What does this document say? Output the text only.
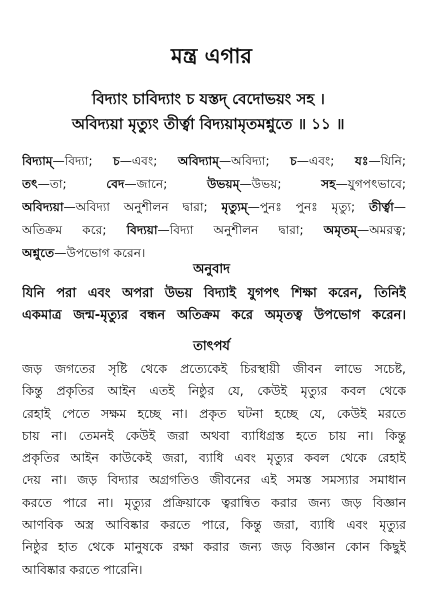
মন্ত্র এগার
বিদ্যাং চাবিদ্যাং চ যস্তদ্ বেদোভয়ং সহ ।
অবিদ্যয়া মৃত্যুং তীর্ত্বা বিদ্যয়ামৃতমশ্নুতে ॥ ১১ ॥
বিদ্যাম্—বিদ্যা; চ—এবং; অবিদ্যাম্—অবিদ্যা; চ—এবং; যঃ—যিনি;
তৎ—তা; বেদ—জানে; উভয়ম্—উভয়; সহ—যুগপৎভাবে;
অবিদ্যয়া—অবিদ্যা অনুশীলন দ্বারা; মৃত্যুম্—পুনঃ পুনঃ মৃত্যু; তীর্ত্বা—
অতিক্রম করে; বিদ্যয়া—বিদ্যা অনুশীলন দ্বারা; অমৃতম্—অমরত্ব;
অশ্নুতে—উপভোগ করেন।
অনুবাদ
যিনি পরা এবং অপরা উভয় বিদ্যাই যুগপৎ শিক্ষা করেন, তিনিই
একমাত্র জন্ম-মৃত্যুর বন্ধন অতিক্রম করে অমৃতত্ব উপভোগ করেন।
তাৎপর্য
জড় জগতের সৃষ্টি থেকে প্রত্যেকেই চিরস্থায়ী জীবন লাভে সচেষ্ট,
কিন্তু প্রকৃতির আইন এতই নিষ্ঠুর যে, কেউই মৃত্যুর কবল থেকে
রেহাই পেতে সক্ষম হচ্ছে না। প্রকৃত ঘটনা হচ্ছে যে, কেউই মরতে
চায় না। তেমনই কেউই জরা অথবা ব্যাধিগ্রস্ত হতে চায় না। কিন্তু
প্রকৃতির আইন কাউকেই জরা, ব্যাধি এবং মৃত্যুর কবল থেকে রেহাই
দেয় না। জড় বিদ্যার অগ্রগতিও জীবনের এই সমস্ত সমস্যার সমাধান
করতে পারে না। মৃত্যুর প্রক্রিয়াকে ত্বরান্বিত করার জন্য জড় বিজ্ঞান
আণবিক অস্ত্র আবিষ্কার করতে পারে, কিন্তু জরা, ব্যাধি এবং মৃত্যুর
নিষ্ঠুর হাত থেকে মানুষকে রক্ষা করার জন্য জড় বিজ্ঞান কোন কিছুই
আবিষ্কার করতে পারেনি।
